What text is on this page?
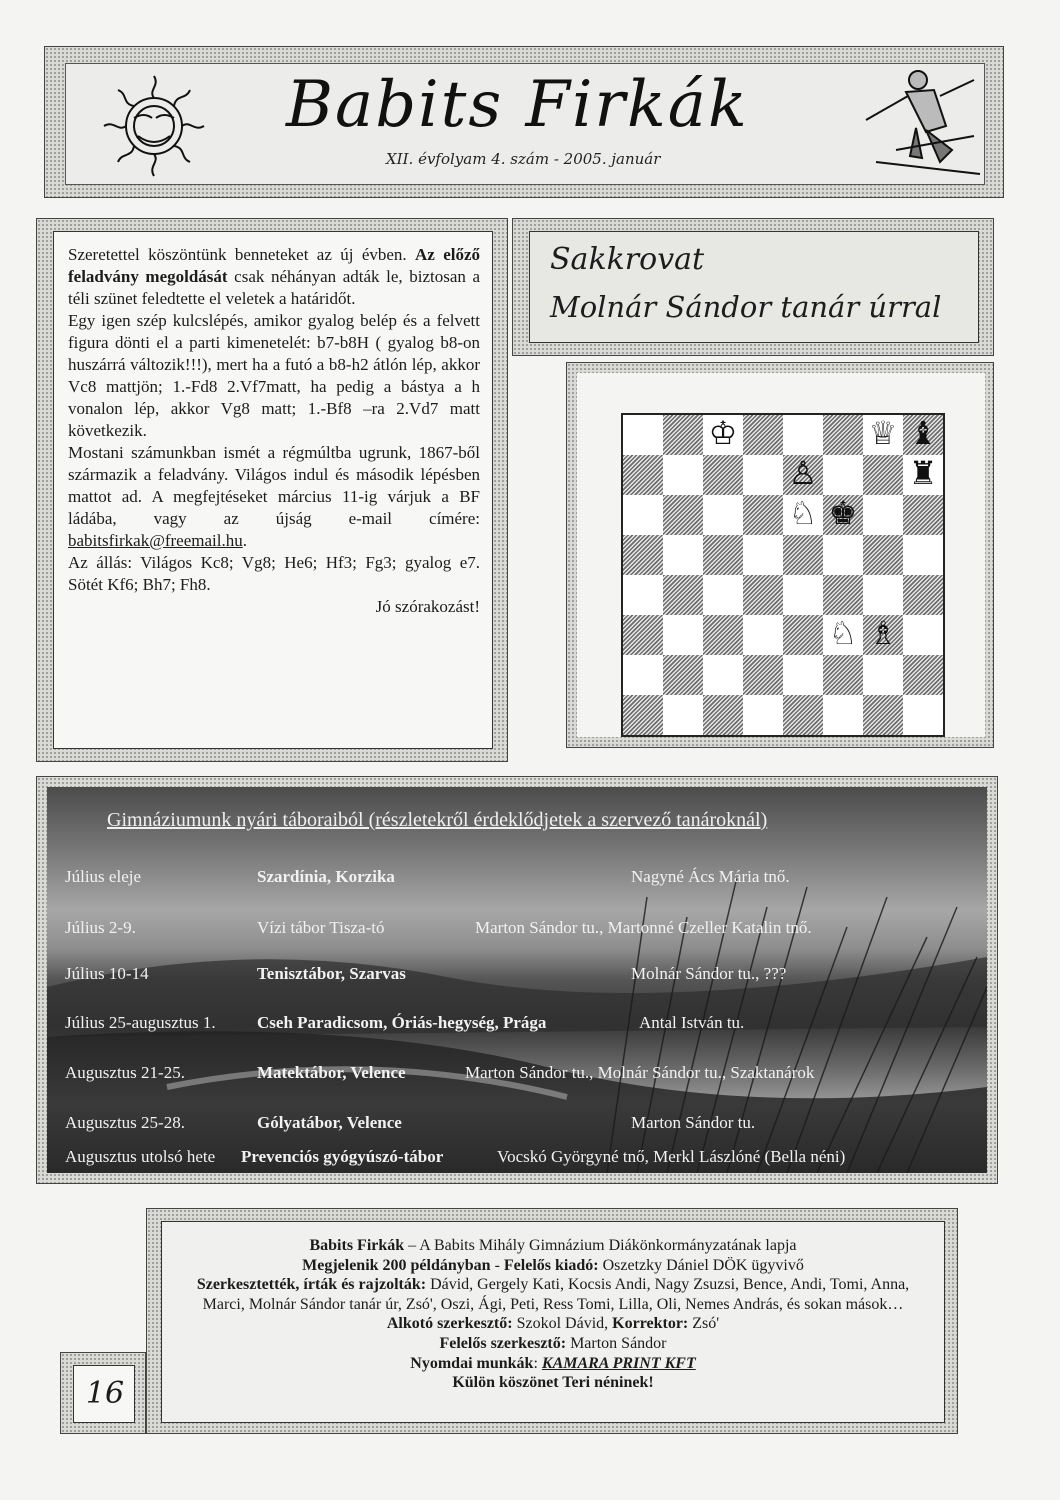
Babits Firkák
XII. évfolyam 4. szám - 2005. január

Szeretettel köszöntünk benneteket az új évben. Az előző feladvány megoldását csak néhányan adták le, biztosan a téli szünet feledtette el veletek a határidőt.

Egy igen szép kulcslépés, amikor gyalog belép és a felvett figura dönti el a parti kimenetelét: b7-b8H ( gyalog b8-on huszárrá változik!!!), mert ha a futó a b8-h2 átlón lép, akkor Vc8 mattjön; 1.-Fd8 2.Vf7matt, ha pedig a bástya a h vonalon lép, akkor Vg8 matt; 1.-Bf8 –ra 2.Vd7 matt következik.

Mostani számunkban ismét a régmúltba ugrunk, 1867-ből származik a feladvány. Világos indul és második lépésben mattot ad. A megfejtéseket március 11-ig várjuk a BF ládába, vagy az újság e-mail címére: babitsfirkak@freemail.hu.

Az állás: Világos Kc8; Vg8; He6; Hf3; Fg3; gyalog e7. Sötét Kf6; Bh7; Fh8.

Jó szórakozást!

Sakkrovat
Molnár Sándor tanár úrral
♔	♕ ♝
♙	♜
♘ ♚
♘ ♗
Gimnáziumunk nyári táboraiból (részletekről érdeklődjetek a szervező tanároknál)
Július eleje	Szardínia, Korzika	Nagyné Ács Mária tnő.
Július 2-9.	Vízi tábor Tisza-tó	Marton Sándor tu., Martonné Czeller Katalin tnő.
Július 10-14	Tenisztábor, Szarvas	Molnár Sándor tu., ???
Július 25-augusztus 1. Cseh Paradicsom, Óriás-hegység, Prága	Antal István tu.
Augusztus 21-25.	Matektábor, Velence	Marton Sándor tu., Molnár Sándor tu., Szaktanárok
Augusztus 25-28.	Gólyatábor, Velence	Marton Sándor tu.
Augusztus utolsó hete Prevenciós gyógyúszó-tábor	Vocskó Györgyné tnő, Merkl Lászlóné (Bella néni)
Babits Firkák – A Babits Mihály Gimnázium Diákönkormányzatának lapja
Megjelenik 200 példányban - Felelős kiadó: Oszetzky Dániel DÖK ügyvivő
Szerkesztették, írták és rajzolták: Dávid, Gergely Kati, Kocsis Andi, Nagy Zsuzsi, Bence, Andi, Tomi, Anna, Marci, Molnár Sándor tanár úr, Zsó', Oszi, Ági, Peti, Ress Tomi, Lilla, Oli, Nemes András, és sokan mások…Alkotó szerkesztő: Szokol Dávid, Korrektor: Zsó'
Felelős szerkesztő: Marton Sándor
Nyomdai munkák: KAMARA PRINT KFT
Külön köszönet Teri néninek!
16
